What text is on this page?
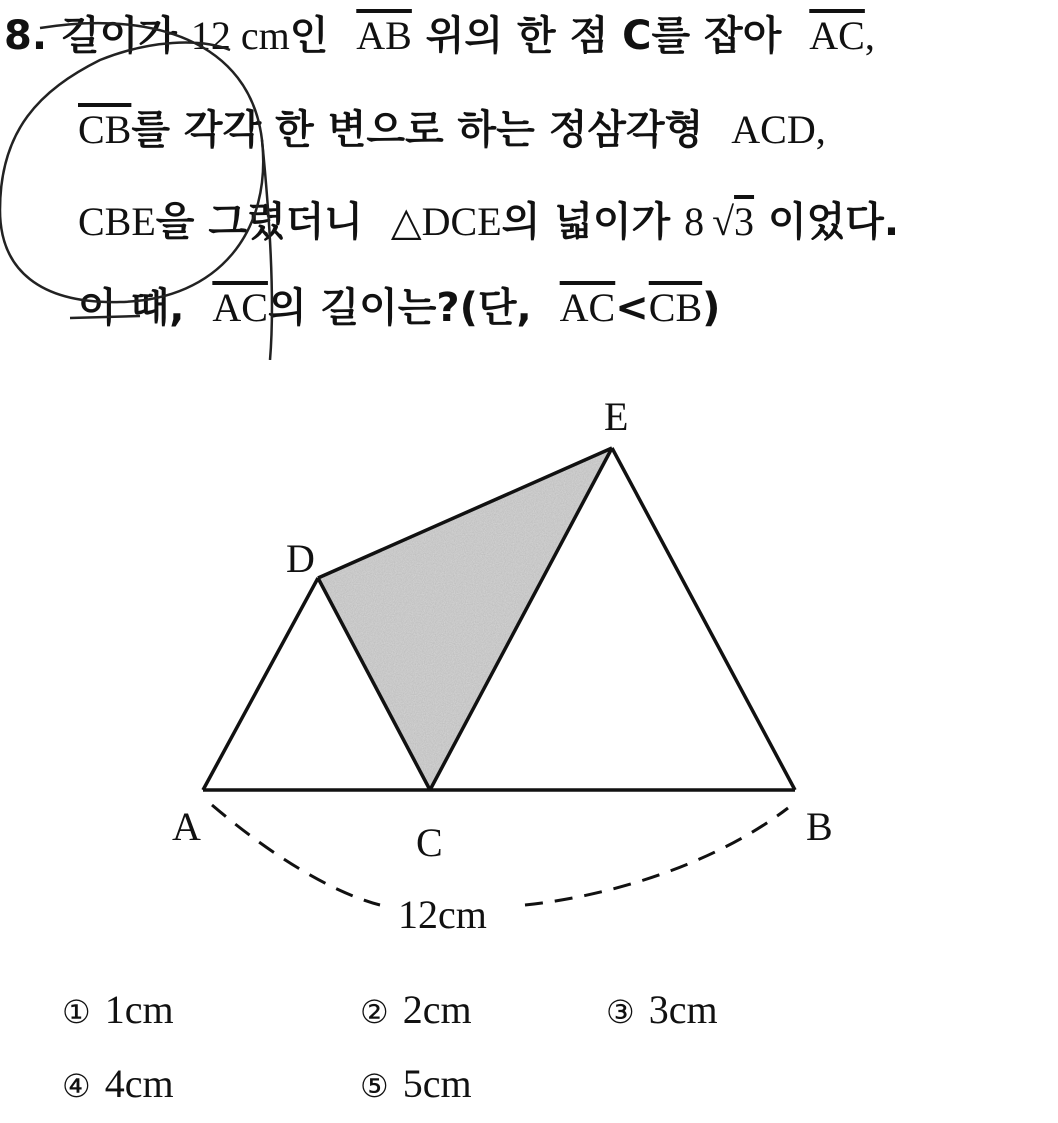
8. 길이가 12 cm인 $\overline{AB}$ 위의 한 점 C를 잡아 $\overline{AC}$,
$\overline{CB}$를 각각 한 변으로 하는 정삼각형 ACD,
CBE을 그렸더니 △DCE의 넓이가 8  √3 이었다.
이 때, $\overline{AC}$의 길이는?(단, $\overline{AC}<\overline{CB}$)
A	B
C
D
E
12cm
① 1cm	② 2cm	③ 3cm
④ 4cm	⑤ 5cm
